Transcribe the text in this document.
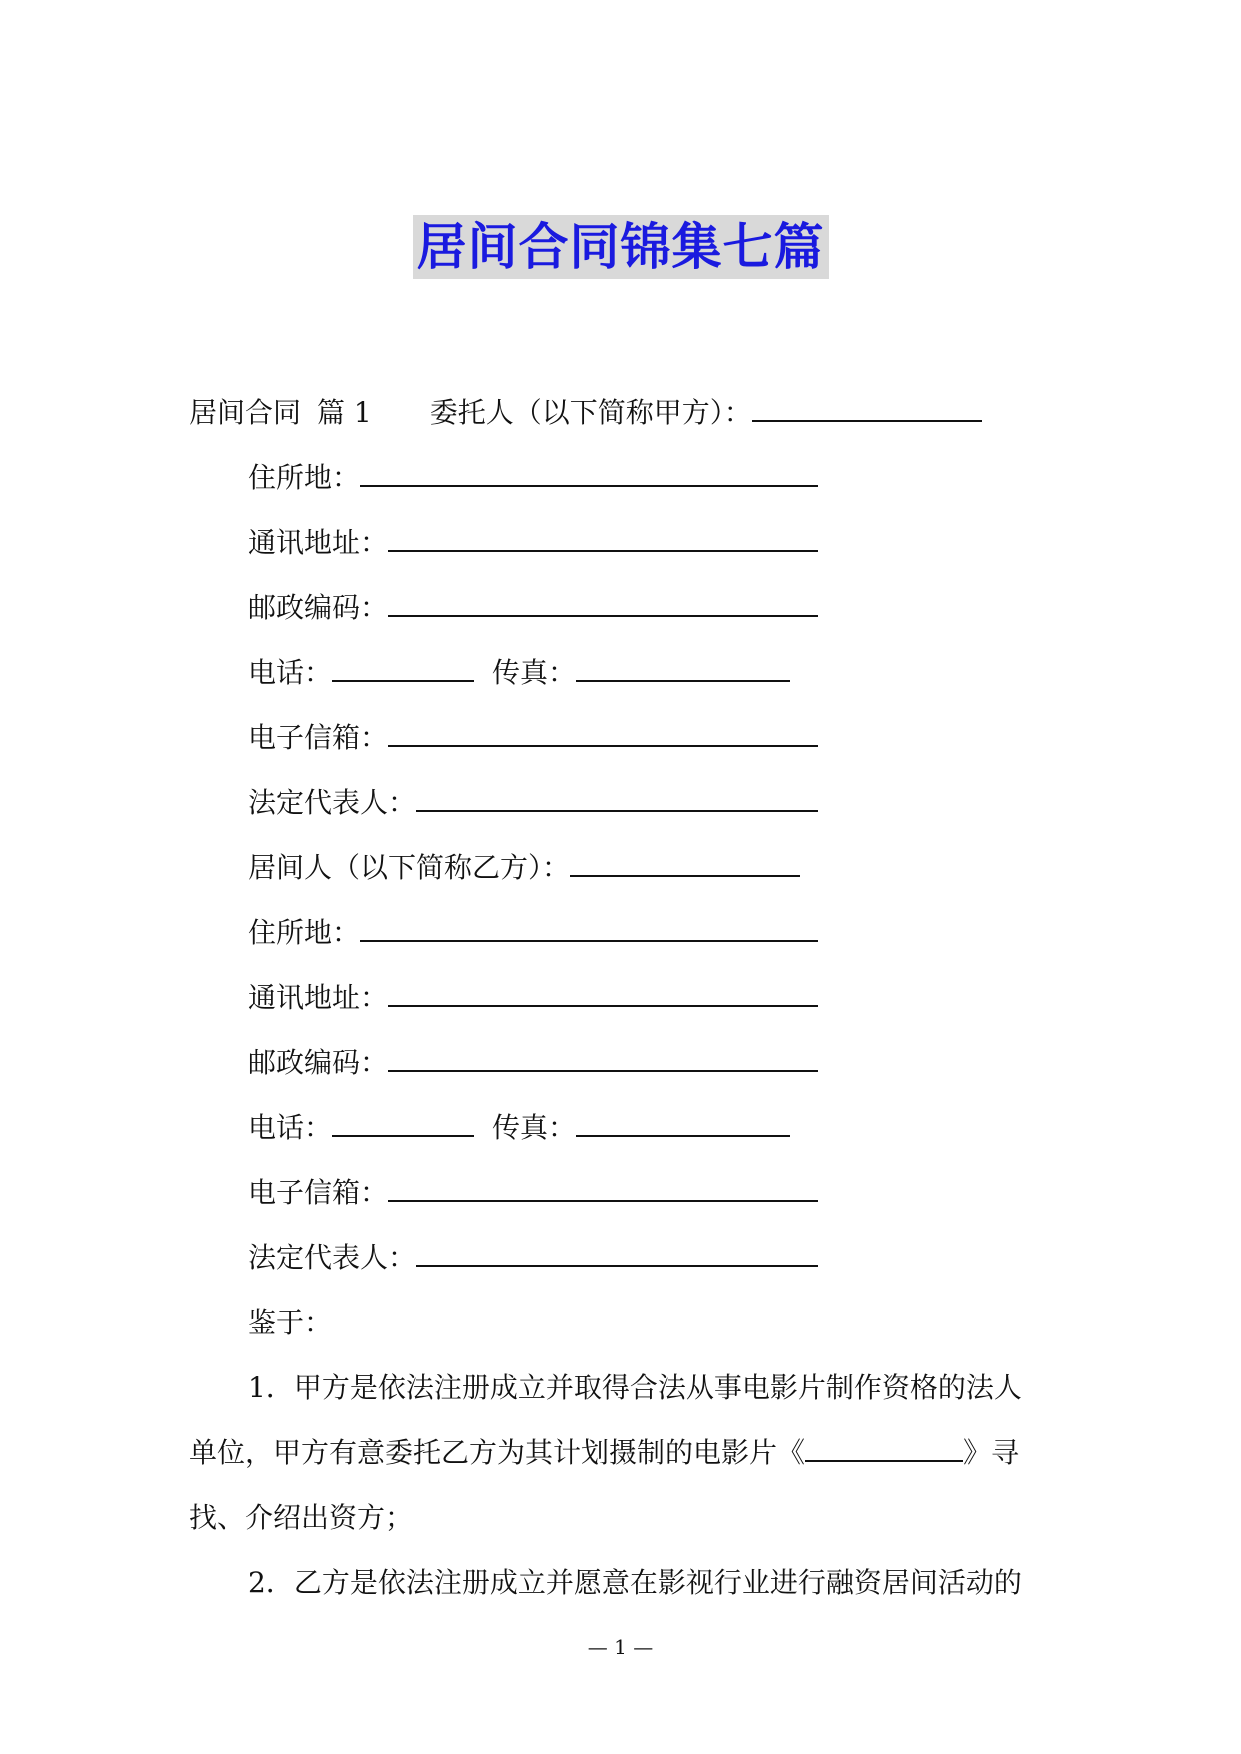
居间合同锦集七篇
居间合同 篇 1 委托人（以下简称甲方）：
住所地：
通讯地址：
邮政编码：
电话：	传真：
电子信箱：
法定代表人：
居间人（以下简称乙方）：
住所地：
通讯地址：
邮政编码：
电话：	传真：
电子信箱：
法定代表人：
鉴于：
1．甲方是依法注册成立并取得合法从事电影片制作资格的法人
单位，甲方有意委托乙方为其计划摄制的电影片《	》寻
找、介绍出资方；
2．乙方是依法注册成立并愿意在影视行业进行融资居间活动的
— 1 —
